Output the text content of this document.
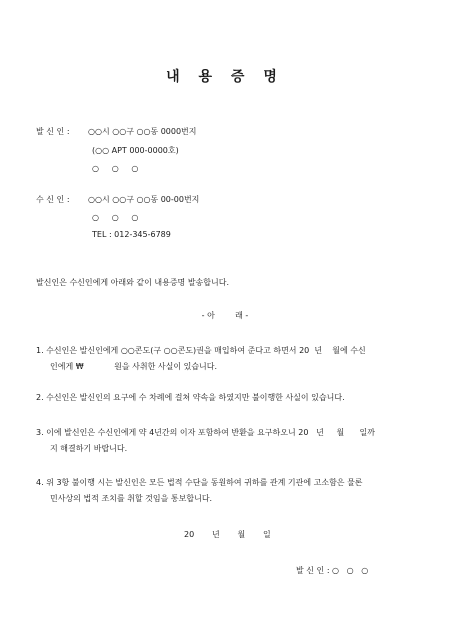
내 용 증 명
발 신 인 : ○○시 ○○구 ○○동 0000번지
(○○ APT 000-0000호)
○     ○     ○
수 신 인 : ○○시 ○○구 ○○동 00-00번지
○     ○     ○
TEL : 012-345-6789
발신인은 수신인에게 아래와 같이 내용증명 발송합니다.
- 아        래 -
1. 수신인은 발신인에게 ○○콘도(구 ○○콘도)권을 매입하여 준다고 하면서 20  년    월에 수신
인에게 ₩            원을 사취한 사실이 있습니다.
2. 수신인은 발신인의 요구에 수 차례에 걸쳐 약속을 하였지만 불이행한 사실이 있습니다.
3. 이에 발신인은 수신인에게 약 4년간의 이자 포함하여 반환을 요구하오니 20   년     월      일까
지 해결하기 바랍니다.
4. 위 3항 불이행 시는 발신인은 모든 법적 수단을 동원하여 귀하를 관계 기관에 고소함은 물론
민사상의 법적 조치를 취할 것임을 통보합니다.
20       년       월       일
발 신 인 : ○   ○   ○
